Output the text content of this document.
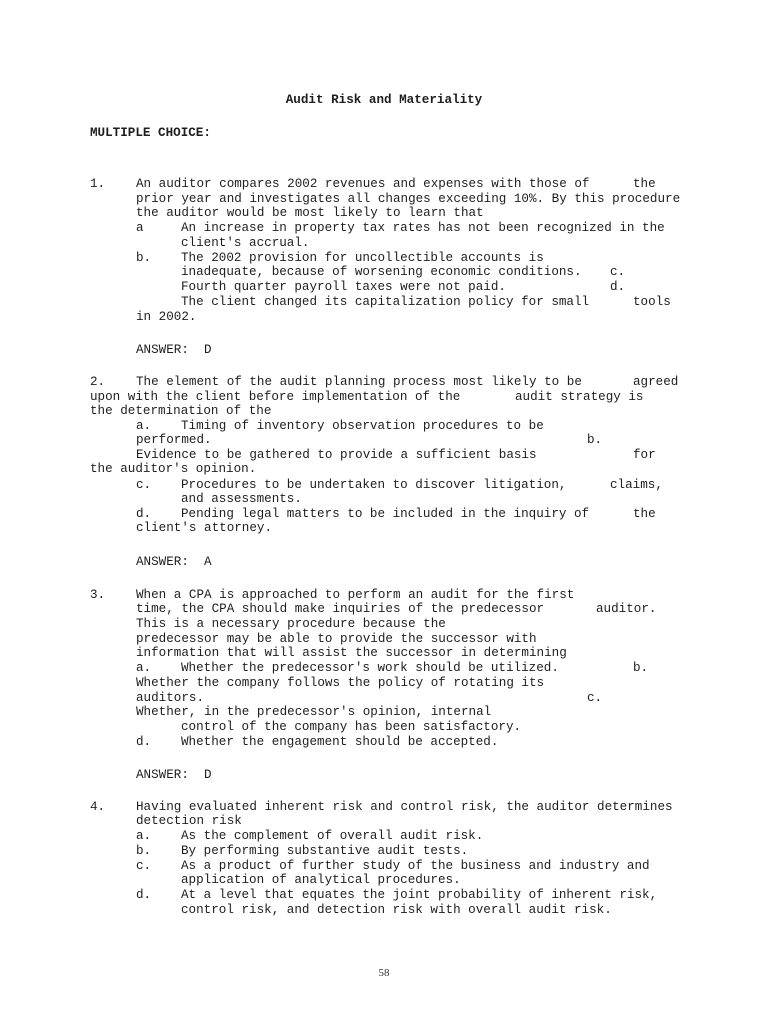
Audit Risk and Materiality
MULTIPLE CHOICE:
1. An auditor compares 2002 revenues and expenses with those of	the
prior year and investigates all changes exceeding 10%. By this procedure
the auditor would be most likely to learn that
a	An increase in property tax rates has not been recognized in the
client's accrual.
b. The 2002 provision for uncollectible accounts is
inadequate, because of worsening economic conditions. c.
Fourth quarter payroll taxes were not paid.	d.
The client changed its capitalization policy for small	tools
in 2002.
ANSWER:  D
2. The element of the audit planning process most likely to be	agreed
upon with the client before implementation of the	audit strategy is
the determination of the
a. Timing of inventory observation procedures to be
performed.	b.
Evidence to be gathered to provide a sufficient basis	for
the auditor's opinion.
c. Procedures to be undertaken to discover litigation,	claims,
and assessments.
d. Pending legal matters to be included in the inquiry of	the
client's attorney.
ANSWER:  A
3. When a CPA is approached to perform an audit for the first
time, the CPA should make inquiries of the predecessor	auditor.
This is a necessary procedure because the
predecessor may be able to provide the successor with
information that will assist the successor in determining
a. Whether the predecessor's work should be utilized.	b.
Whether the company follows the policy of rotating its
auditors.	c.
Whether, in the predecessor's opinion, internal
control of the company has been satisfactory.
d. Whether the engagement should be accepted.
ANSWER:  D
4. Having evaluated inherent risk and control risk, the auditor determines
detection risk
a. As the complement of overall audit risk.
b. By performing substantive audit tests.
c. As a product of further study of the business and industry and
application of analytical procedures.
d. At a level that equates the joint probability of inherent risk,
control risk, and detection risk with overall audit risk.
58
